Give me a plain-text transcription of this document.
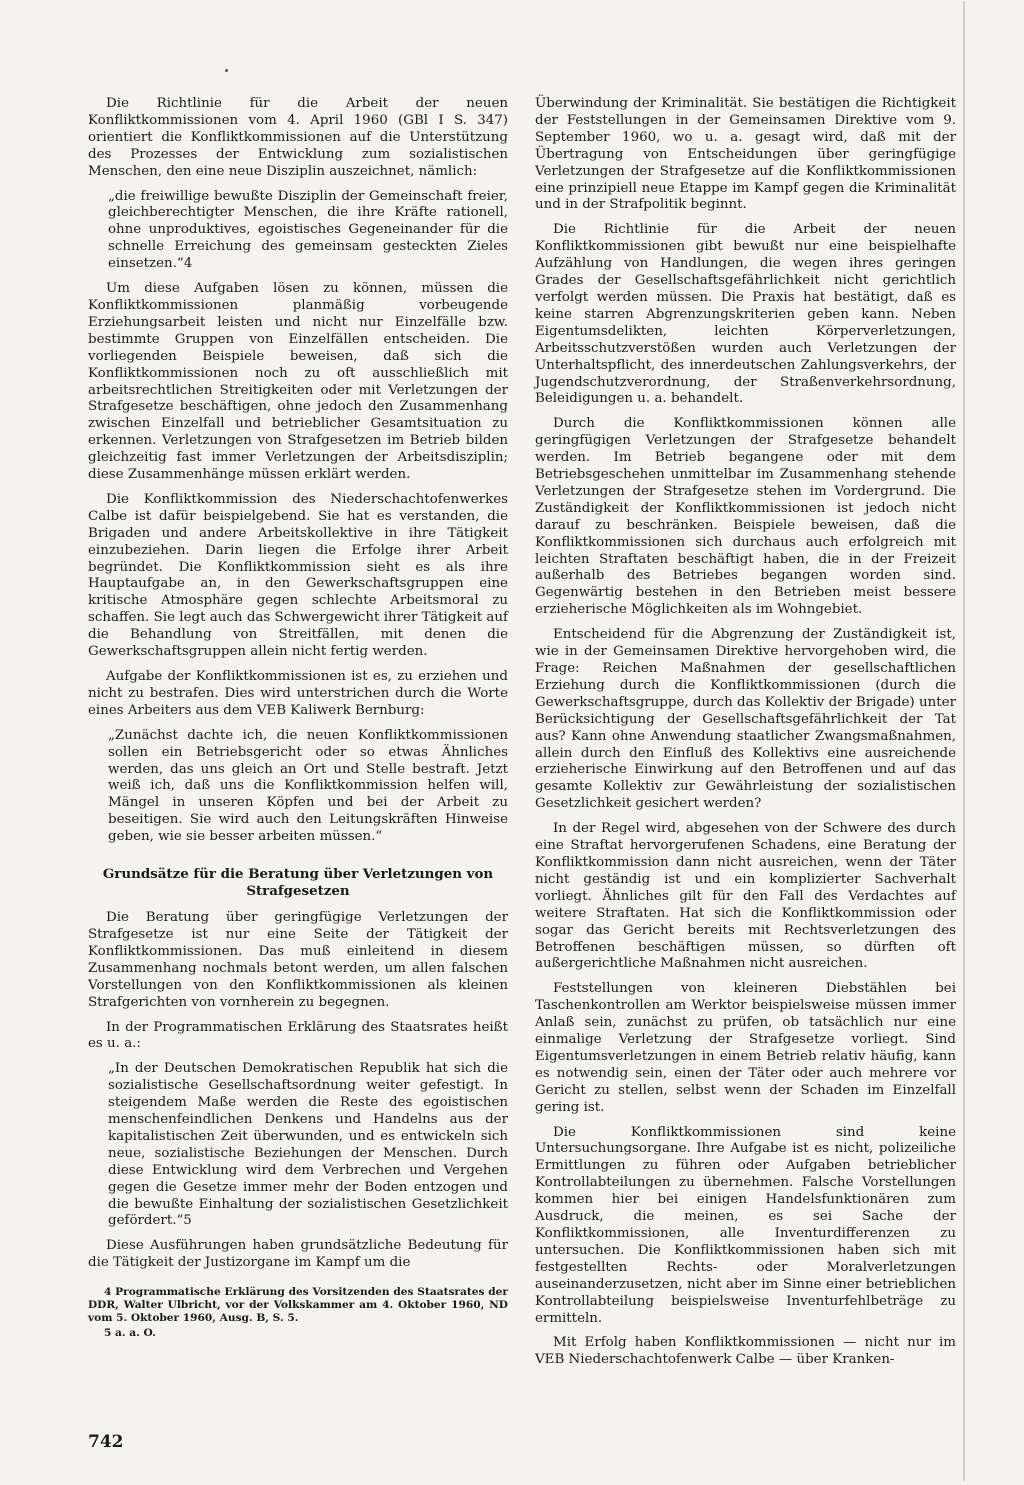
Die Richtlinie für die Arbeit der neuen Konfliktkommissionen vom 4. April 1960 (GBl I S. 347) orientiert die Konfliktkommissionen auf die Unterstützung des Prozesses der Entwicklung zum sozialistischen Menschen, den eine neue Disziplin auszeichnet, nämlich:

„die freiwillige bewußte Disziplin der Gemeinschaft freier, gleichberechtigter Menschen, die ihre Kräfte rationell, ohne unproduktives, egoistisches Gegeneinander für die schnelle Erreichung des gemeinsam gesteckten Zieles einsetzen.“4

Um diese Aufgaben lösen zu können, müssen die Konfliktkommissionen planmäßig vorbeugende Erziehungsarbeit leisten und nicht nur Einzelfälle bzw. bestimmte Gruppen von Einzelfällen entscheiden. Die vorliegenden Beispiele beweisen, daß sich die Konfliktkommissionen noch zu oft ausschließlich mit arbeitsrechtlichen Streitigkeiten oder mit Verletzungen der Strafgesetze beschäftigen, ohne jedoch den Zusammenhang zwischen Einzelfall und betrieblicher Gesamtsituation zu erkennen. Verletzungen von Strafgesetzen im Betrieb bilden gleichzeitig fast immer Verletzungen der Arbeitsdisziplin; diese Zusammenhänge müssen erklärt werden.

Die Konfliktkommission des Niederschachtofenwerkes Calbe ist dafür beispielgebend. Sie hat es verstanden, die Brigaden und andere Arbeitskollektive in ihre Tätigkeit einzubeziehen. Darin liegen die Erfolge ihrer Arbeit begründet. Die Konfliktkommission sieht es als ihre Hauptaufgabe an, in den Gewerkschaftsgruppen eine kritische Atmosphäre gegen schlechte Arbeitsmoral zu schaffen. Sie legt auch das Schwergewicht ihrer Tätigkeit auf die Behandlung von Streitfällen, mit denen die Gewerkschaftsgruppen allein nicht fertig werden.

Aufgabe der Konfliktkommissionen ist es, zu erziehen und nicht zu bestrafen. Dies wird unterstrichen durch die Worte eines Arbeiters aus dem VEB Kaliwerk Bernburg:

„Zunächst dachte ich, die neuen Konfliktkommissionen sollen ein Betriebsgericht oder so etwas Ähnliches werden, das uns gleich an Ort und Stelle bestraft. Jetzt weiß ich, daß uns die Konfliktkommission helfen will, Mängel in unseren Köpfen und bei der Arbeit zu beseitigen. Sie wird auch den Leitungskräften Hinweise geben, wie sie besser arbeiten müssen.“

Grundsätze für die Beratung über Verletzungen von Strafgesetzen

Die Beratung über geringfügige Verletzungen der Strafgesetze ist nur eine Seite der Tätigkeit der Konfliktkommissionen. Das muß einleitend in diesem Zusammenhang nochmals betont werden, um allen falschen Vorstellungen von den Konfliktkommissionen als kleinen Strafgerichten von vornherein zu begegnen.

In der Programmatischen Erklärung des Staatsrates heißt es u. a.:

„In der Deutschen Demokratischen Republik hat sich die sozialistische Gesellschaftsordnung weiter gefestigt. In steigendem Maße werden die Reste des egoistischen menschenfeindlichen Denkens und Handelns aus der kapitalistischen Zeit überwunden, und es entwickeln sich neue, sozialistische Beziehungen der Menschen. Durch diese Entwicklung wird dem Verbrechen und Vergehen gegen die Gesetze immer mehr der Boden entzogen und die bewußte Einhaltung der sozialistischen Gesetzlichkeit gefördert.“5

Diese Ausführungen haben grundsätzliche Bedeutung für die Tätigkeit der Justizorgane im Kampf um die

4 Programmatische Erklärung des Vorsitzenden des Staatsrates der DDR, Walter Ulbricht, vor der Volkskammer am 4. Oktober 1960, ND vom 5. Oktober 1960, Ausg. B, S. 5.

5 a. a. O.

Überwindung der Kriminalität. Sie bestätigen die Richtigkeit der Feststellungen in der Gemeinsamen Direktive vom 9. September 1960, wo u. a. gesagt wird, daß mit der Übertragung von Entscheidungen über geringfügige Verletzungen der Strafgesetze auf die Konfliktkommissionen eine prinzipiell neue Etappe im Kampf gegen die Kriminalität und in der Strafpolitik beginnt.

Die Richtlinie für die Arbeit der neuen Konfliktkommissionen gibt bewußt nur eine beispielhafte Aufzählung von Handlungen, die wegen ihres geringen Grades der Gesellschaftsgefährlichkeit nicht gerichtlich verfolgt werden müssen. Die Praxis hat bestätigt, daß es keine starren Abgrenzungskriterien geben kann. Neben Eigentumsdelikten, leichten Körperverletzungen, Arbeitsschutzverstößen wurden auch Verletzungen der Unterhaltspflicht, des innerdeutschen Zahlungsverkehrs, der Jugendschutzverordnung, der Straßenverkehrsordnung, Beleidigungen u. a. behandelt.

Durch die Konfliktkommissionen können alle geringfügigen Verletzungen der Strafgesetze behandelt werden. Im Betrieb begangene oder mit dem Betriebsgeschehen unmittelbar im Zusammenhang stehende Verletzungen der Strafgesetze stehen im Vordergrund. Die Zuständigkeit der Konfliktkommissionen ist jedoch nicht darauf zu beschränken. Beispiele beweisen, daß die Konfliktkommissionen sich durchaus auch erfolgreich mit leichten Straftaten beschäftigt haben, die in der Freizeit außerhalb des Betriebes begangen worden sind. Gegenwärtig bestehen in den Betrieben meist bessere erzieherische Möglichkeiten als im Wohngebiet.

Entscheidend für die Abgrenzung der Zuständigkeit ist, wie in der Gemeinsamen Direktive hervorgehoben wird, die Frage: Reichen Maßnahmen der gesellschaftlichen Erziehung durch die Konfliktkommissionen (durch die Gewerkschaftsgruppe, durch das Kollektiv der Brigade) unter Berücksichtigung der Gesellschaftsgefährlichkeit der Tat aus? Kann ohne Anwendung staatlicher Zwangsmaßnahmen, allein durch den Einfluß des Kollektivs eine ausreichende erzieherische Einwirkung auf den Betroffenen und auf das gesamte Kollektiv zur Gewährleistung der sozialistischen Gesetzlichkeit gesichert werden?

In der Regel wird, abgesehen von der Schwere des durch eine Straftat hervorgerufenen Schadens, eine Beratung der Konfliktkommission dann nicht ausreichen, wenn der Täter nicht geständig ist und ein komplizierter Sachverhalt vorliegt. Ähnliches gilt für den Fall des Verdachtes auf weitere Straftaten. Hat sich die Konfliktkommission oder sogar das Gericht bereits mit Rechtsverletzungen des Betroffenen beschäftigen müssen, so dürften oft außergerichtliche Maßnahmen nicht ausreichen.

Feststellungen von kleineren Diebstählen bei Taschenkontrollen am Werktor beispielsweise müssen immer Anlaß sein, zunächst zu prüfen, ob tatsächlich nur eine einmalige Verletzung der Strafgesetze vorliegt. Sind Eigentumsverletzungen in einem Betrieb relativ häufig, kann es notwendig sein, einen der Täter oder auch mehrere vor Gericht zu stellen, selbst wenn der Schaden im Einzelfall gering ist.

Die Konfliktkommissionen sind keine Untersuchungsorgane. Ihre Aufgabe ist es nicht, polizeiliche Ermittlungen zu führen oder Aufgaben betrieblicher Kontrollabteilungen zu übernehmen. Falsche Vorstellungen kommen hier bei einigen Handelsfunktionären zum Ausdruck, die meinen, es sei Sache der Konfliktkommissionen, alle Inventurdifferenzen zu untersuchen. Die Konfliktkommissionen haben sich mit festgestellten Rechts- oder Moralverletzungen auseinanderzusetzen, nicht aber im Sinne einer betrieblichen Kontrollabteilung beispielsweise Inventurfehlbeträge zu ermitteln.

Mit Erfolg haben Konfliktkommissionen — nicht nur im VEB Niederschachtofenwerk Calbe — über Kranken-

742
